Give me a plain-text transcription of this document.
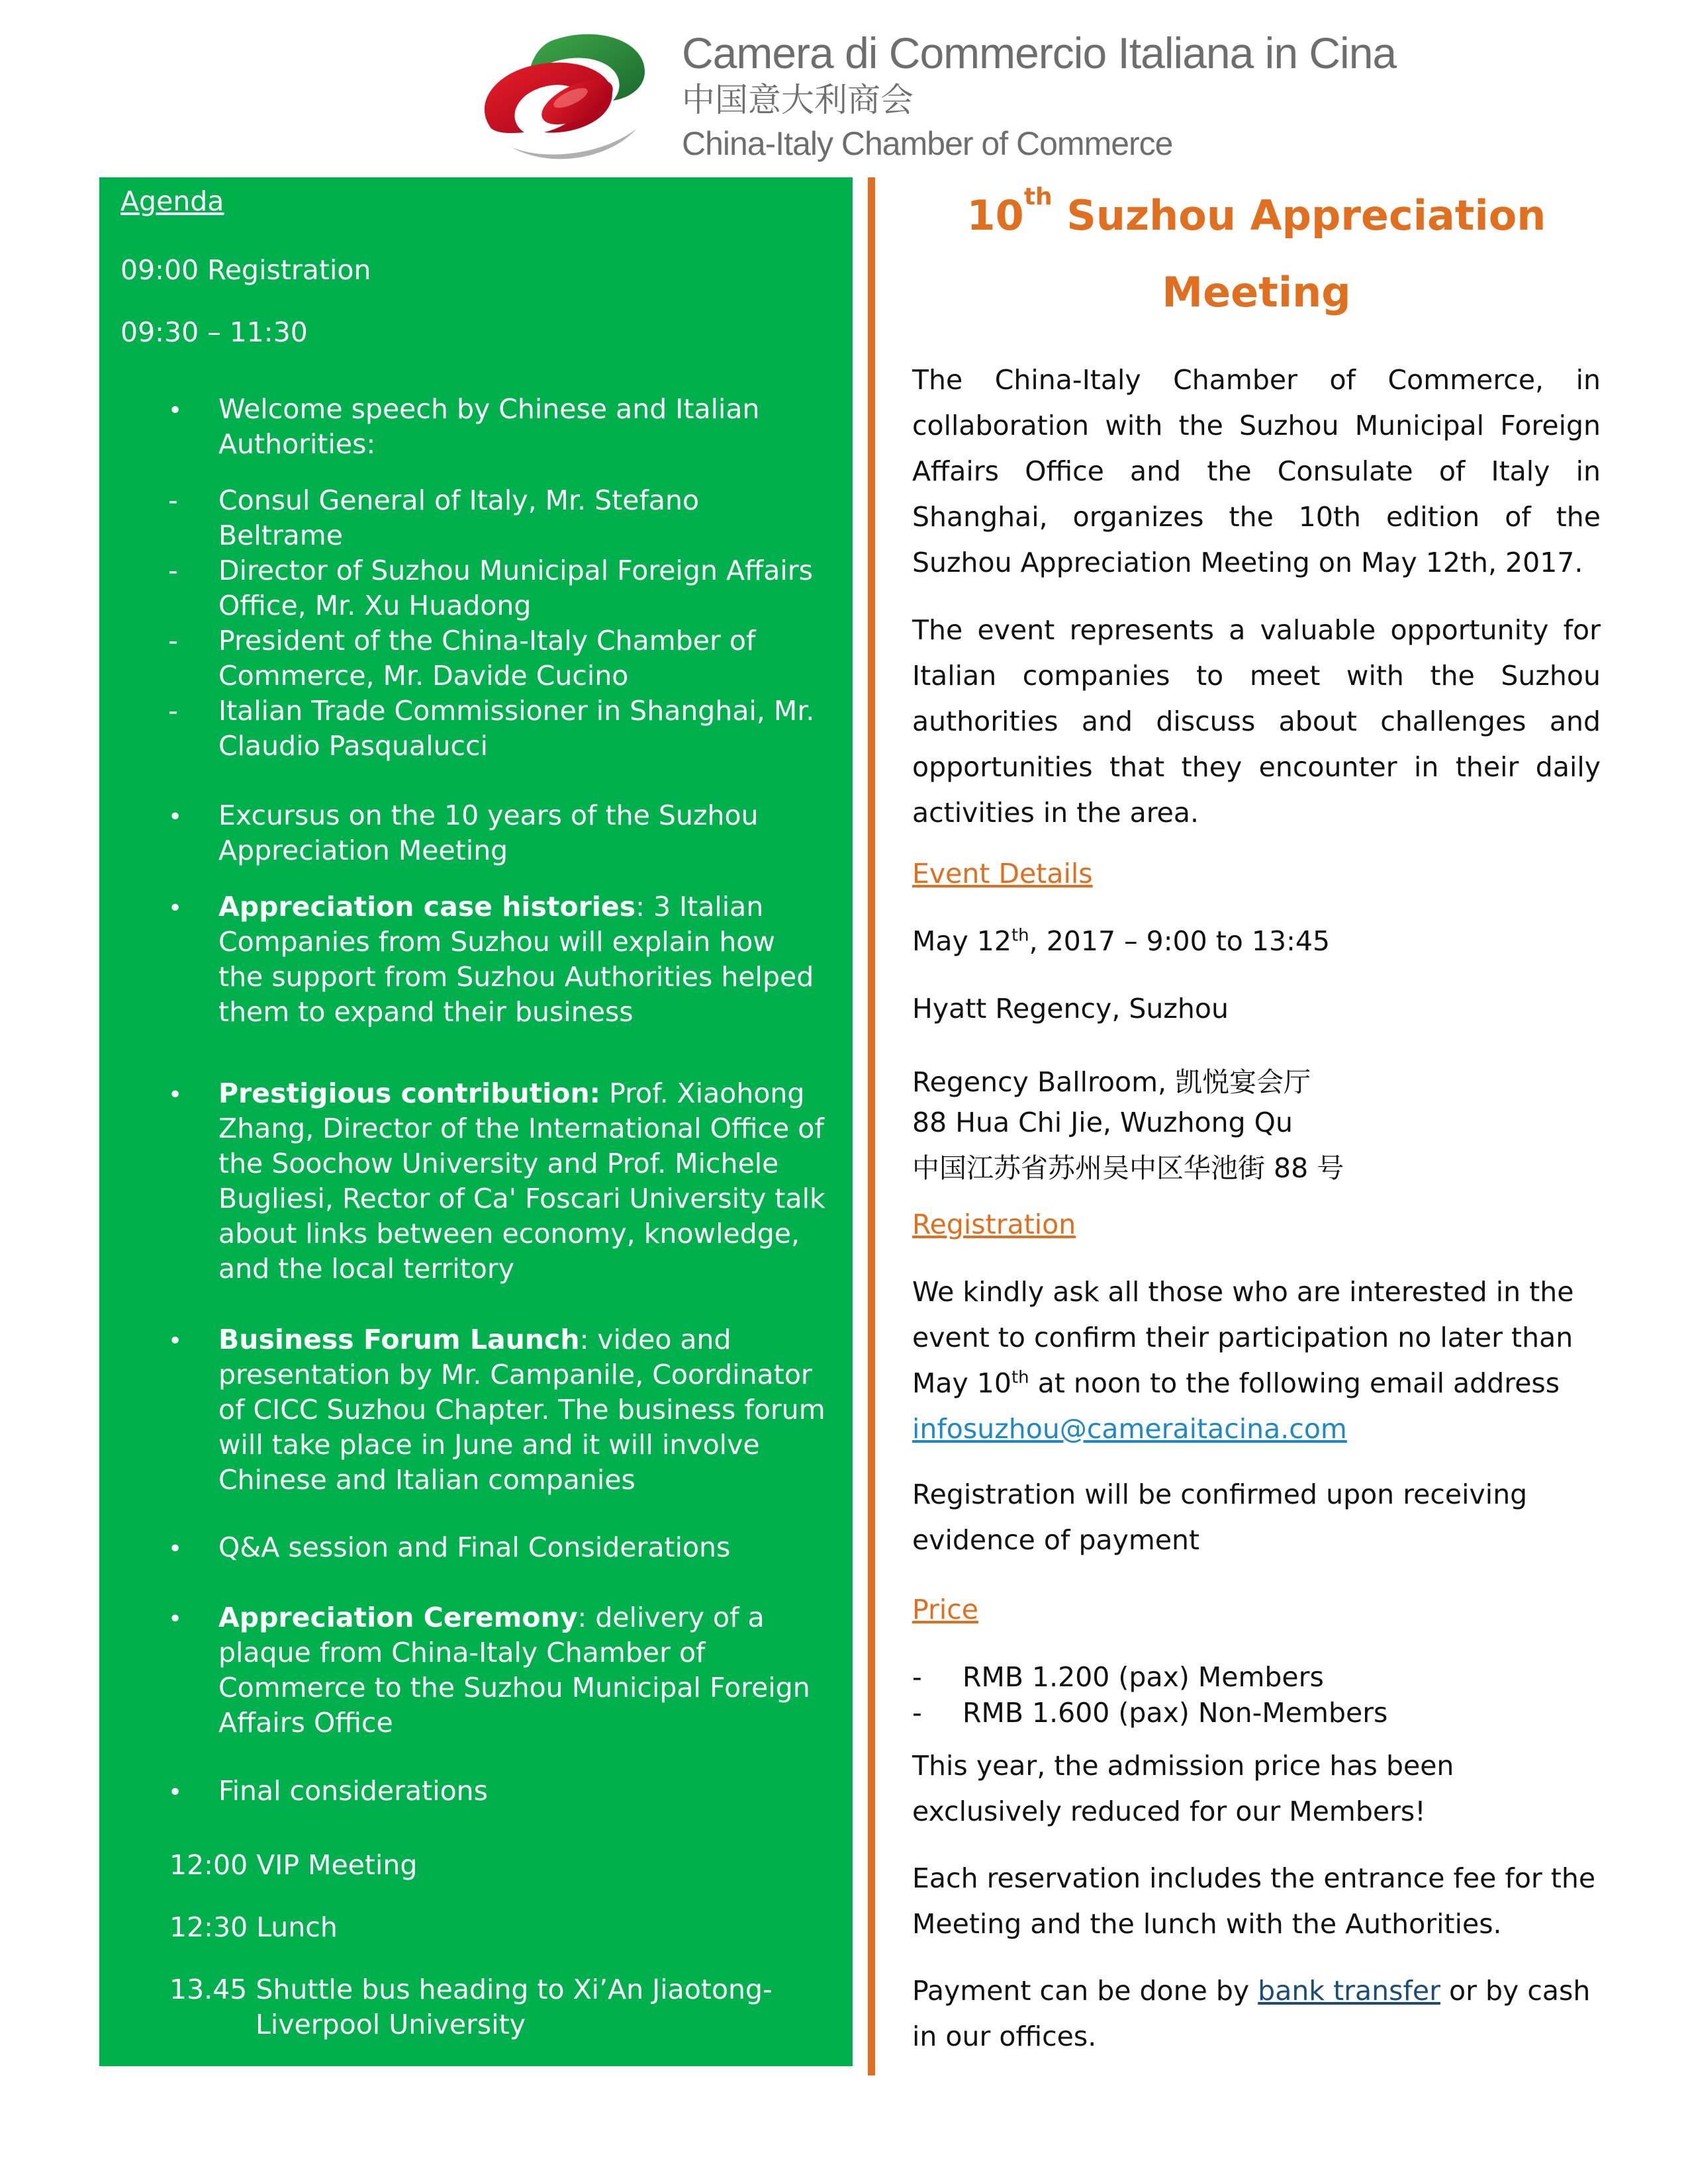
Camera di Commercio Italiana in Cina
中国意大利商会
China-Italy Chamber of Commerce
Agenda
09:00 Registration
09:30 – 11:30
• Welcome speech by Chinese and Italian Authorities:
- Consul General of Italy, Mr. Stefano Beltrame
- Director of Suzhou Municipal Foreign Affairs Office, Mr. Xu Huadong
- President of the China-Italy Chamber of Commerce, Mr. Davide Cucino
- Italian Trade Commissioner in Shanghai, Mr. Claudio Pasqualucci
• Excursus on the 10 years of the Suzhou Appreciation Meeting
• Appreciation case histories: 3 Italian Companies from Suzhou will explain how the support from Suzhou Authorities helped them to expand their business
• Prestigious contribution: Prof. Xiaohong Zhang, Director of the International Office of the Soochow University and Prof. Michele Bugliesi, Rector of Ca' Foscari University talk about links between economy, knowledge, and the local territory
• Business Forum Launch: video and presentation by Mr. Campanile, Coordinator of CICC Suzhou Chapter. The business forum will take place in June and it will involve Chinese and Italian companies
• Q&A session and Final Considerations
• Appreciation Ceremony: delivery of a plaque from China-Italy Chamber of Commerce to the Suzhou Municipal Foreign Affairs Office
• Final considerations
12:00 VIP Meeting
12:30 Lunch
13.45 Shuttle bus heading to Xi’An Jiaotong-
Liverpool University
10th Suzhou Appreciation
Meeting
The China-Italy Chamber of Commerce, in collaboration with the Suzhou Municipal Foreign Affairs Office and the Consulate of Italy in Shanghai, organizes the 10th edition of the Suzhou Appreciation Meeting on May 12th, 2017.
The event represents a valuable opportunity for Italian companies to meet with the Suzhou authorities and discuss about challenges and opportunities that they encounter in their daily activities in the area.
Event Details
May 12th, 2017 – 9:00 to 13:45
Hyatt Regency, Suzhou
Regency Ballroom, 凯悦宴会厅
88 Hua Chi Jie, Wuzhong Qu
中国江苏省苏州吴中区华池街 88 号
Registration
We kindly ask all those who are interested in the
event to confirm their participation no later than
May 10th at noon to the following email address
infosuzhou@cameraitacina.com
Registration will be confirmed upon receiving evidence of payment
Price
- RMB 1.200 (pax) Members
- RMB 1.600 (pax) Non-Members
This year, the admission price has been exclusively reduced for our Members!
Each reservation includes the entrance fee for the Meeting and the lunch with the Authorities.
Payment can be done by bank transfer or by cash in our offices.
